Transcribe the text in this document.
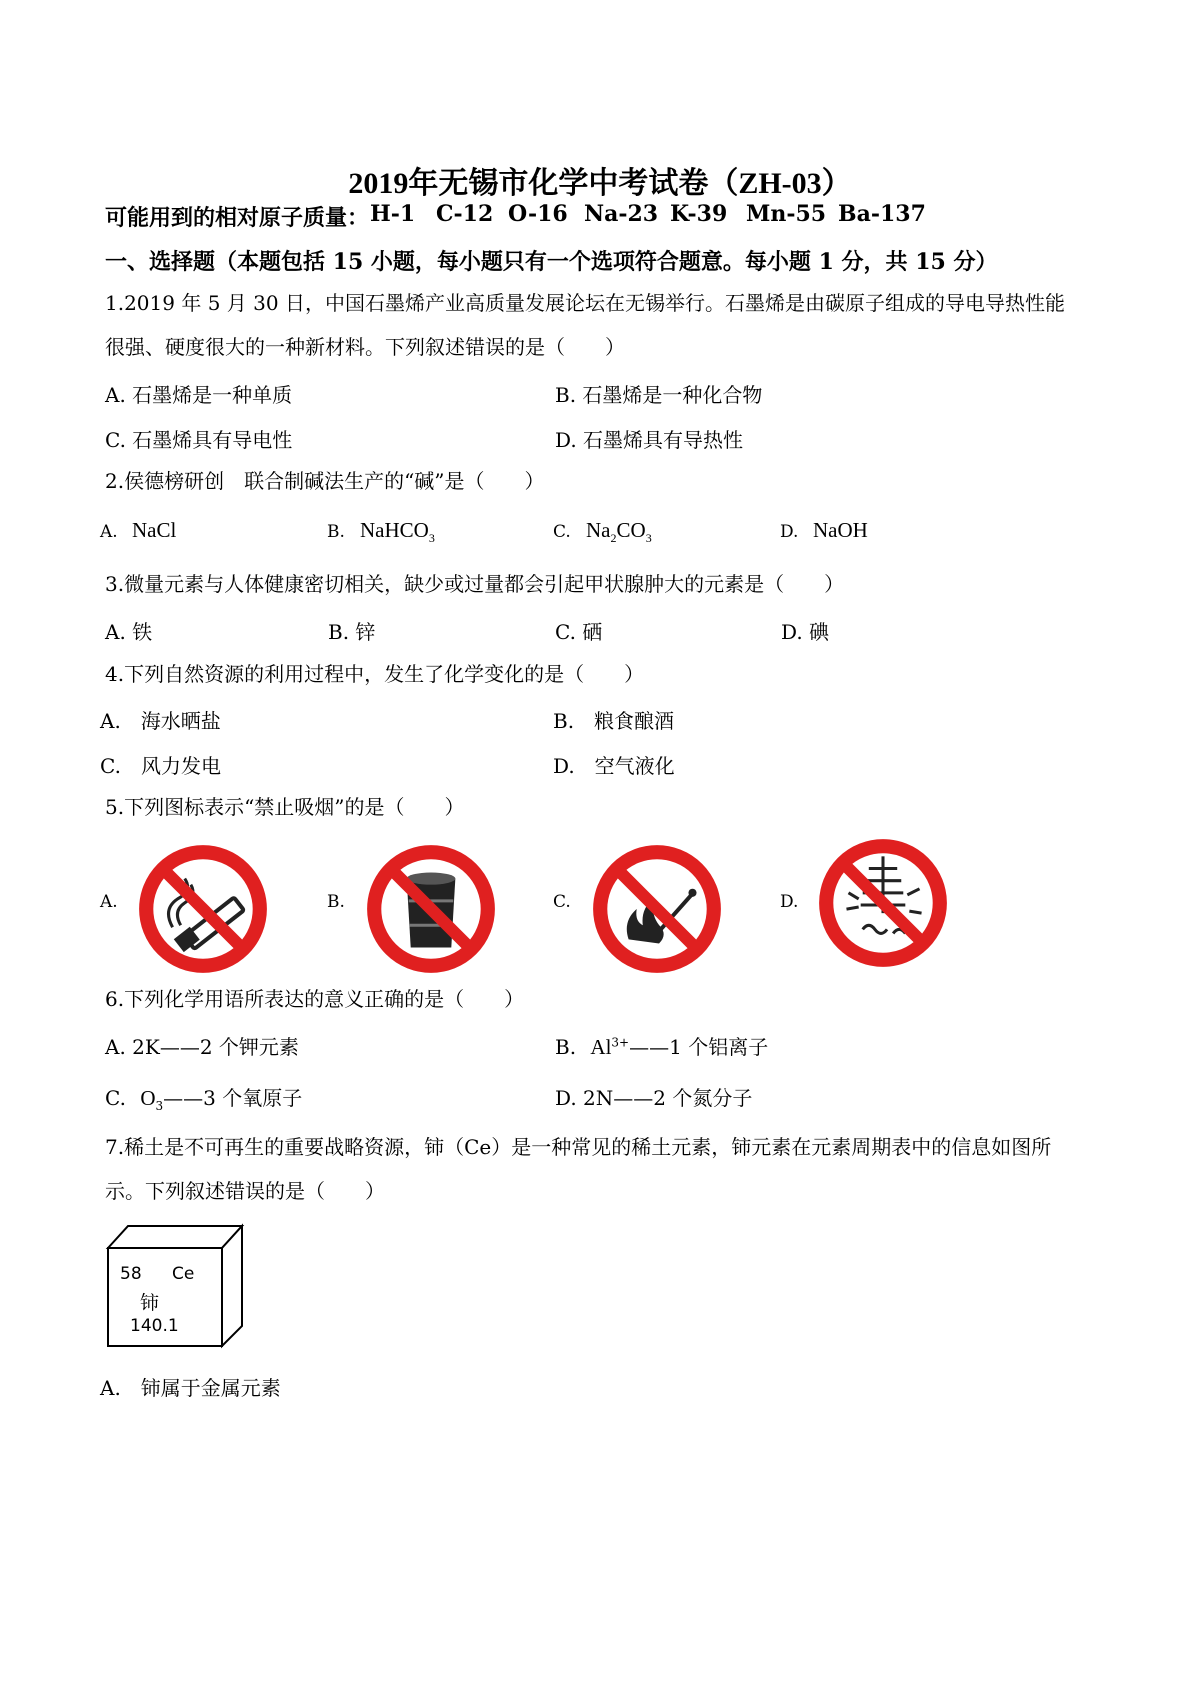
2019年无锡市化学中考试卷（ZH-03）
可能用到的相对原子质量： H-1 C-12 O-16 Na-23 K-39 Mn-55 Ba-137
一、选择题（本题包括 15 小题，每小题只有一个选项符合题意。每小题 1 分，共 15 分）
1.2019 年 5 月 30 日，中国石墨烯产业高质量发展论坛在无锡举行。石墨烯是由碳原子组成的导电导热性能
很强、硬度很大的一种新材料。下列叙述错误的是（　　）
A. 石墨烯是一种单质	B. 石墨烯是一种化合物
C. 石墨烯具有导电性	D. 石墨烯具有导热性
2.侯德榜研创　联合制碱法生产的“碱”是（　　）
A. NaCl	B. NaHCO$_3$	C. $Na_2CO_3$	D. NaOH
3.微量元素与人体健康密切相关，缺少或过量都会引起甲状腺肿大的元素是（　　）
A. 铁	B. 锌	C. 硒	D. 碘
4.下列自然资源的利用过程中，发生了化学变化的是（　　）
A.　海水晒盐	B.　粮食酿酒
C.　风力发电	D.　空气液化
5.下列图标表示“禁止吸烟”的是（　　）
A.	B.	C.	D.
6.下列化学用语所表达的意义正确的是（　　）
A. 2K——2 个钾元素	B. $Al^{3+}——1$ 个铝离子
C. $O_3——3$ 个氧原子	D. 2N——2 个氮分子
7.稀土是不可再生的重要战略资源，铈（Ce）是一种常见的稀土元素，铈元素在元素周期表中的信息如图所
示。下列叙述错误的是（　　）
58 Ce
铈
140.1
A.　铈属于金属元素
